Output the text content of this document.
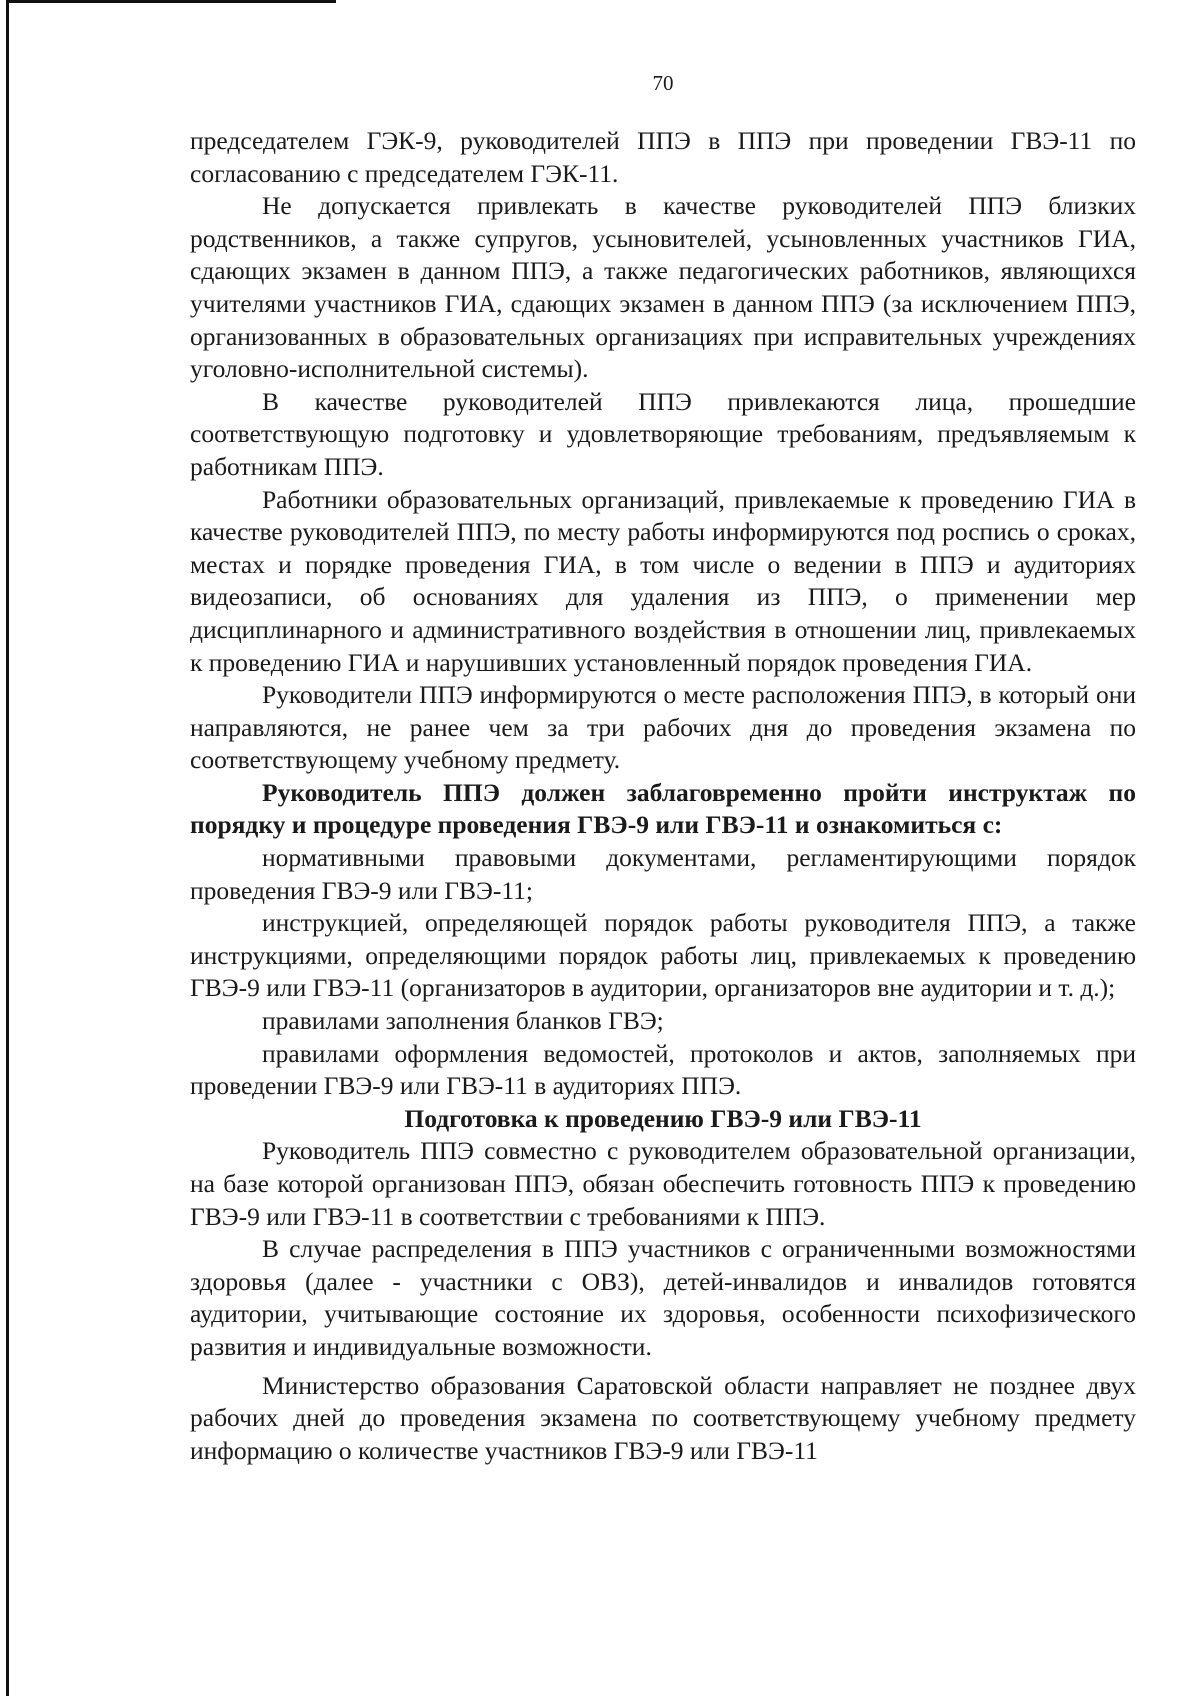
70

председателем ГЭК-9, руководителей ППЭ в ППЭ при проведении ГВЭ-11 по согласованию с председателем ГЭК-11.

Не допускается привлекать в качестве руководителей ППЭ близких родственников, а также супругов, усыновителей, усыновленных участников ГИА, сдающих экзамен в данном ППЭ, а также педагогических работников, являющихся учителями участников ГИА, сдающих экзамен в данном ППЭ (за исключением ППЭ, организованных в образовательных организациях при исправительных учреждениях уголовно-исполнительной системы).

В качестве руководителей ППЭ привлекаются лица, прошедшие соответствующую подготовку и удовлетворяющие требованиям, предъявляемым к работникам ППЭ.

Работники образовательных организаций, привлекаемые к проведению ГИА в качестве руководителей ППЭ, по месту работы информируются под роспись о сроках, местах и порядке проведения ГИА, в том числе о ведении в ППЭ и аудиториях видеозаписи, об основаниях для удаления из ППЭ, о применении мер дисциплинарного и административного воздействия в отношении лиц, привлекаемых к проведению ГИА и нарушивших установленный порядок проведения ГИА.

Руководители ППЭ информируются о месте расположения ППЭ, в который они направляются, не ранее чем за три рабочих дня до проведения экзамена по соответствующему учебному предмету.

Руководитель ППЭ должен заблаговременно пройти инструктаж по порядку и процедуре проведения ГВЭ-9 или ГВЭ-11 и ознакомиться с:

нормативными правовыми документами, регламентирующими порядок проведения ГВЭ-9 или ГВЭ-11;

инструкцией, определяющей порядок работы руководителя ППЭ, а также инструкциями, определяющими порядок работы лиц, привлекаемых к проведению ГВЭ-9 или ГВЭ-11 (организаторов в аудитории, организаторов вне аудитории и т. д.);

правилами заполнения бланков ГВЭ;

правилами оформления ведомостей, протоколов и актов, заполняемых при проведении ГВЭ-9 или ГВЭ-11 в аудиториях ППЭ.

Подготовка к проведению ГВЭ-9 или ГВЭ-11

Руководитель ППЭ совместно с руководителем образовательной организации, на базе которой организован ППЭ, обязан обеспечить готовность ППЭ к проведению ГВЭ-9 или ГВЭ-11 в соответствии с требованиями к ППЭ.

В случае распределения в ППЭ участников с ограниченными возможностями здоровья (далее - участники с ОВЗ), детей-инвалидов и инвалидов готовятся аудитории, учитывающие состояние их здоровья, особенности психофизического развития и индивидуальные возможности.

Министерство образования Саратовской области направляет не позднее двух рабочих дней до проведения экзамена по соответствующему учебному предмету информацию о количестве участников ГВЭ-9 или ГВЭ-11
